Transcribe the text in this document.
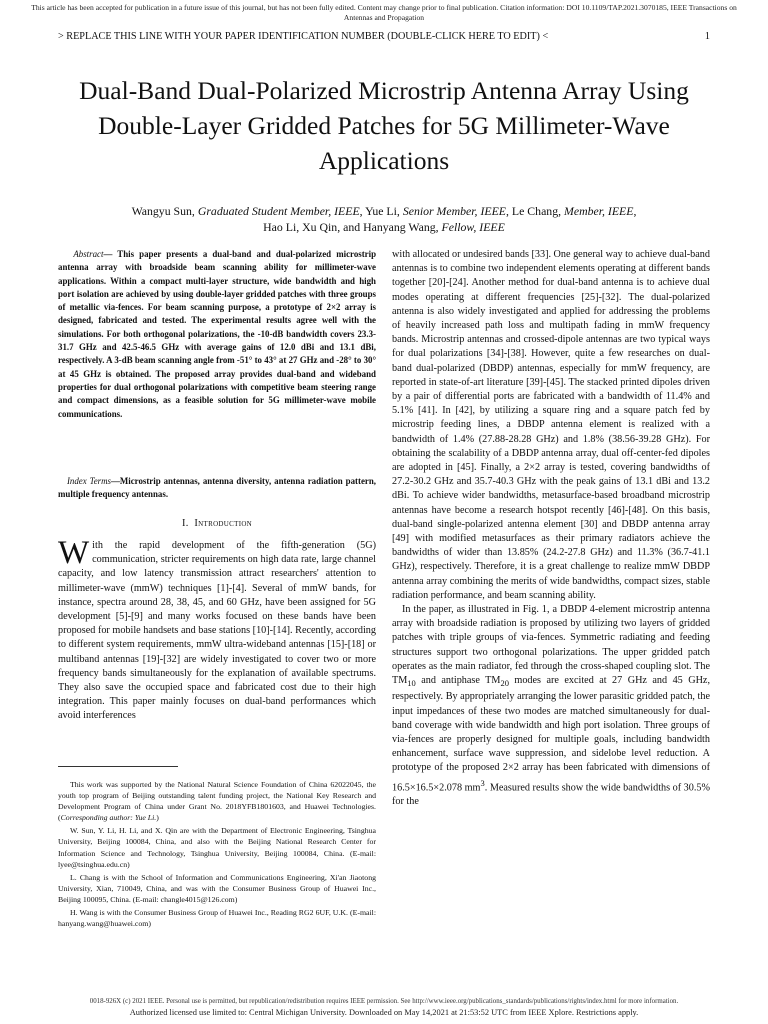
This article has been accepted for publication in a future issue of this journal, but has not been fully edited. Content may change prior to final publication. Citation information: DOI 10.1109/TAP.2021.3070185, IEEE Transactions on Antennas and Propagation
> REPLACE THIS LINE WITH YOUR PAPER IDENTIFICATION NUMBER (DOUBLE-CLICK HERE TO EDIT) <	1
Dual-Band Dual-Polarized Microstrip Antenna Array Using Double-Layer Gridded Patches for 5G Millimeter-Wave Applications
Wangyu Sun, Graduated Student Member, IEEE, Yue Li, Senior Member, IEEE, Le Chang, Member, IEEE,
Hao Li, Xu Qin, and Hanyang Wang, Fellow, IEEE
Abstract— This paper presents a dual-band and dual-polarized microstrip antenna array with broadside beam scanning ability for millimeter-wave applications. Within a compact multi-layer structure, wide bandwidth and high port isolation are achieved by using double-layer gridded patches with three groups of metallic via-fences. For beam scanning purpose, a prototype of 2×2 array is designed, fabricated and tested. The experimental results agree well with the simulations. For both orthogonal polarizations, the -10-dB bandwidth covers 23.3-31.7 GHz and 42.5-46.5 GHz with average gains of 12.0 dBi and 13.1 dBi, respectively. A 3-dB beam scanning angle from -51° to 43° at 27 GHz and -28° to 30° at 45 GHz is obtained. The proposed array provides dual-band and wideband properties for dual orthogonal polarizations with competitive beam steering range and compact dimensions, as a feasible solution for 5G millimeter-wave mobile communications.
Index Terms—Microstrip antennas, antenna diversity, antenna radiation pattern, multiple frequency antennas.
I. Introduction
With the rapid development of the fifth-generation (5G) communication, stricter requirements on high data rate, large channel capacity, and low latency transmission attract researchers' attention to millimeter-wave (mmW) techniques [1]-[4]. Several of mmW bands, for instance, spectra around 28, 38, 45, and 60 GHz, have been assigned for 5G development [5]-[9] and many works focused on these bands have been proposed for mobile handsets and base stations [10]-[14]. Recently, according to different system requirements, mmW ultra-wideband antennas [15]-[18] or multiband antennas [19]-[32] are widely investigated to cover two or more frequency bands simultaneously for the explanation of available spectrums. They also save the occupied space and fabricated cost due to their high integration. This paper mainly focuses on dual-band performances which avoid interferences

This work was supported by the National Natural Science Foundation of China 62022045, the youth top program of Beijing outstanding talent funding project, the National Key Research and Development Program of China under Grant No. 2018YFB1801603, and Huawei Technologies. (Corresponding author: Yue Li.)

W. Sun, Y. Li, H. Li, and X. Qin are with the Department of Electronic Engineering, Tsinghua University, Beijing 100084, China, and also with the Beijing National Research Center for Information Science and Technology, Tsinghua University, Beijing 100084, China. (E-mail: lyee@tsinghua.edu.cn)

L. Chang is with the School of Information and Communications Engineering, Xi'an Jiaotong University, Xian, 710049, China, and was with the Consumer Business Group of Huawei Inc., Beijing 100095, China. (E-mail: changle4015@126.com)

H. Wang is with the Consumer Business Group of Huawei Inc., Reading RG2 6UF, U.K. (E-mail: hanyang.wang@huawei.com)

with allocated or undesired bands [33]. One general way to achieve dual-band antennas is to combine two independent elements operating at different bands together [20]-[24]. Another method for dual-band antenna is to achieve dual modes operating at different frequencies [25]-[32]. The dual-polarized antenna is also widely investigated and applied for addressing the problems of heavily increased path loss and multipath fading in mmW frequency bands. Microstrip antennas and crossed-dipole antennas are two typical ways for dual polarizations [34]-[38]. However, quite a few researches on dual-band dual-polarized (DBDP) antennas, especially for mmW frequency, are reported in state-of-art literature [39]-[45]. The stacked printed dipoles driven by a pair of differential ports are fabricated with a bandwidth of 11.4% and 5.1% [41]. In [42], by utilizing a square ring and a square patch fed by microstrip feeding lines, a DBDP antenna element is realized with a bandwidth of 1.4% (27.88-28.28 GHz) and 1.8% (38.56-39.28 GHz). For obtaining the scalability of a DBDP antenna array, dual off-center-fed dipoles are adopted in [45]. Finally, a 2×2 array is tested, covering bandwidths of 27.2-30.2 GHz and 35.7-40.3 GHz with the peak gains of 13.1 dBi and 13.2 dBi. To achieve wider bandwidths, metasurface-based broadband microstrip antennas have become a research hotspot recently [46]-[48]. On this basis, dual-band single-polarized antenna element [30] and DBDP antenna array [49] with modified metasurfaces as their primary radiators achieve the bandwidths of wider than 13.85% (24.2-27.8 GHz) and 11.3% (36.7-41.1 GHz), respectively. Therefore, it is a great challenge to realize mmW DBDP antenna array combining the merits of wide bandwidths, compact sizes, stable radiation performance, and beam scanning ability.

In the paper, as illustrated in Fig. 1, a DBDP 4-element microstrip antenna array with broadside radiation is proposed by utilizing two layers of gridded patches with triple groups of via-fences. Symmetric radiating and feeding structures support two orthogonal polarizations. The upper gridded patch operates as the main radiator, fed through the cross-shaped coupling slot. The $TM_{10}$ and antiphase $TM_{20}$ modes are excited at 27 GHz and 45 GHz, respectively. By appropriately arranging the lower parasitic gridded patch, the input impedances of these two modes are matched simultaneously for dual-band coverage with wide bandwidth and high port isolation. Three groups of via-fences are properly designed for multiple goals, including bandwidth enhancement, surface wave suppression, and sidelobe level reduction. A prototype of the proposed 2×2 array has been fabricated with dimensions of 16.5×16.5×2.078 $mm^3$. Measured results show the wide bandwidths of 30.5% for the

0018-926X (c) 2021 IEEE. Personal use is permitted, but republication/redistribution requires IEEE permission. See http://www.ieee.org/publications_standards/publications/rights/index.html for more information.
Authorized licensed use limited to: Central Michigan University. Downloaded on May 14,2021 at 21:53:52 UTC from IEEE Xplore. Restrictions apply.
